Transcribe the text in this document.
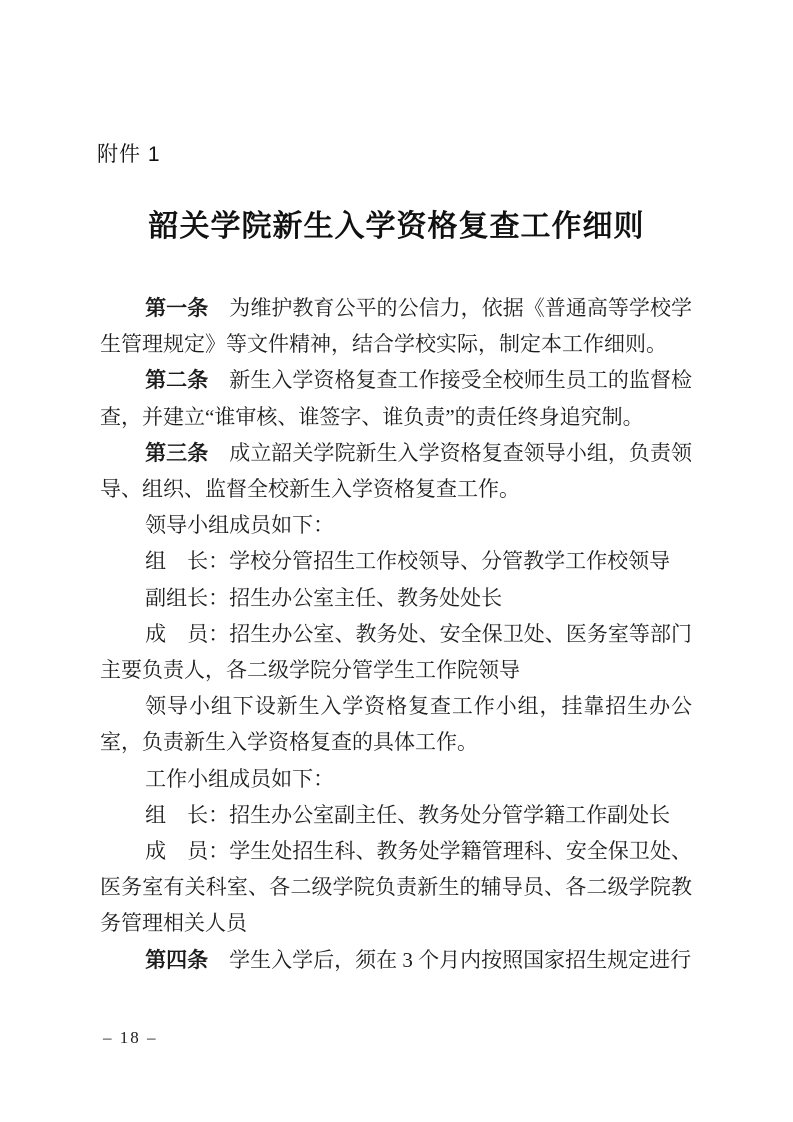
附件 1
韶关学院新生入学资格复查工作细则

第一条　为维护教育公平的公信力，依据《普通高等学校学生管理规定》等文件精神，结合学校实际，制定本工作细则。

第二条　新生入学资格复查工作接受全校师生员工的监督检查，并建立“谁审核、谁签字、谁负责”的责任终身追究制。

第三条　成立韶关学院新生入学资格复查领导小组，负责领导、组织、监督全校新生入学资格复查工作。

领导小组成员如下：

组　长：学校分管招生工作校领导、分管教学工作校领导

副组长：招生办公室主任、教务处处长

成　员：招生办公室、教务处、安全保卫处、医务室等部门主要负责人，各二级学院分管学生工作院领导

领导小组下设新生入学资格复查工作小组，挂靠招生办公室，负责新生入学资格复查的具体工作。

工作小组成员如下：

组　长：招生办公室副主任、教务处分管学籍工作副处长

成　员：学生处招生科、教务处学籍管理科、安全保卫处、医务室有关科室、各二级学院负责新生的辅导员、各二级学院教务管理相关人员

第四条　学生入学后，须在 3 个月内按照国家招生规定进行

– 18 –
